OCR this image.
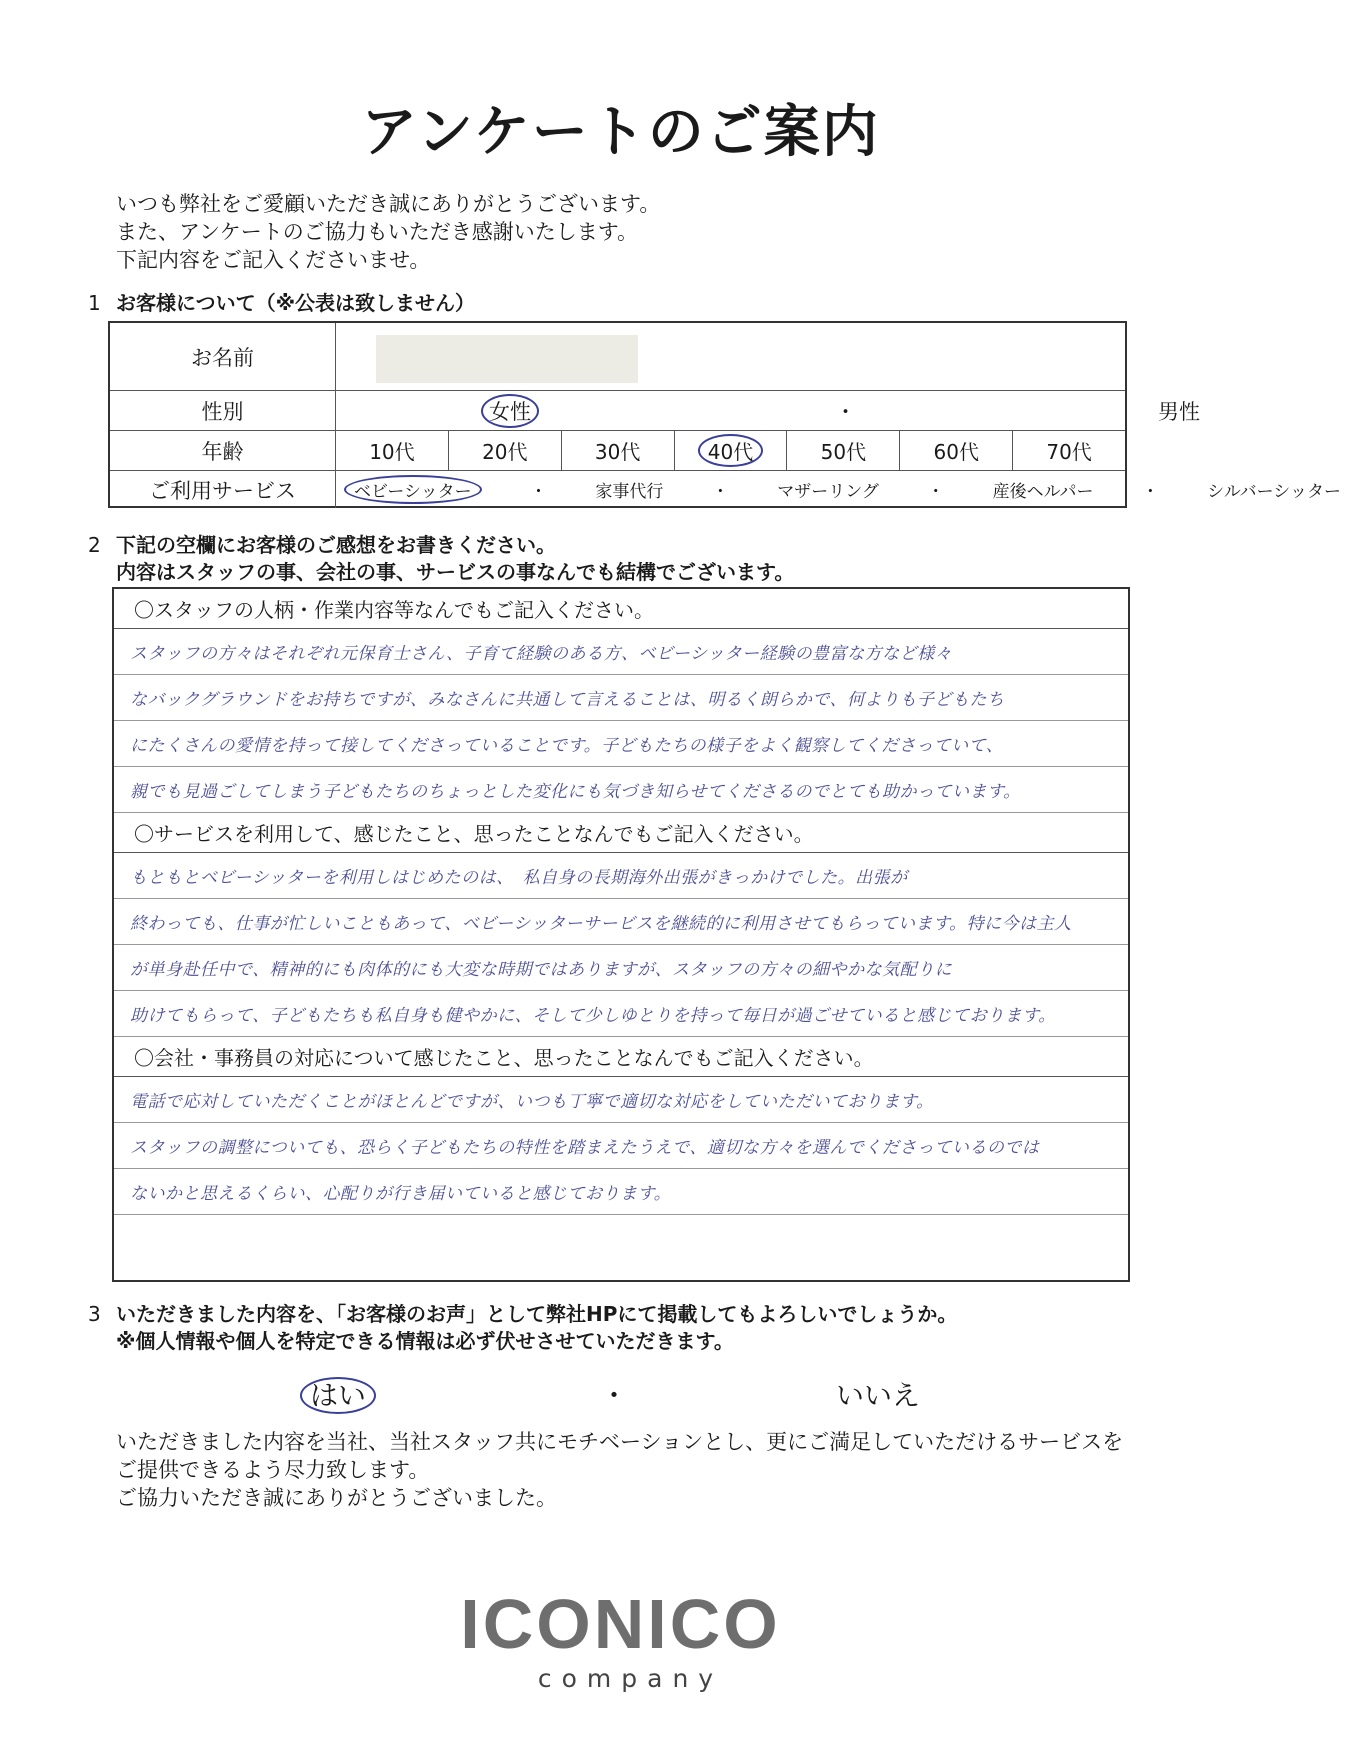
アンケートのご案内
いつも弊社をご愛顧いただき誠にありがとうございます。
また、アンケートのご協力もいただき感謝いたします。
下記内容をご記入くださいませ。
1 お客様について（※公表は致しません）
お名前
性別	女性	・	男性
年齢	10代	20代	30代	40代	50代	60代	70代
ご利用サービス	ベビーシッター	・	家事代行	・	マザーリング	・	産後ヘルパー	・	シルバーシッター
2 下記の空欄にお客様のご感想をお書きください。
内容はスタッフの事、会社の事、サービスの事なんでも結構でございます。
〇スタッフの人柄・作業内容等なんでもご記入ください。
スタッフの方々はそれぞれ元保育士さん、子育て経験のある方、ベビーシッター経験の豊富な方など様々
なバックグラウンドをお持ちですが、みなさんに共通して言えることは、明るく朗らかで、何よりも子どもたち
にたくさんの愛情を持って接してくださっていることです。子どもたちの様子をよく観察してくださっていて、
親でも見過ごしてしまう子どもたちのちょっとした変化にも気づき知らせてくださるのでとても助かっています。
〇サービスを利用して、感じたこと、思ったことなんでもご記入ください。
もともとベビーシッターを利用しはじめたのは、　私自身の長期海外出張がきっかけでした。出張が
終わっても、仕事が忙しいこともあって、ベビーシッターサービスを継続的に利用させてもらっています。特に今は主人
が単身赴任中で、精神的にも肉体的にも大変な時期ではありますが、スタッフの方々の細やかな気配りに
助けてもらって、子どもたちも私自身も健やかに、そして少しゆとりを持って毎日が過ごせていると感じております。
〇会社・事務員の対応について感じたこと、思ったことなんでもご記入ください。
電話で応対していただくことがほとんどですが、いつも丁寧で適切な対応をしていただいております。
スタッフの調整についても、恐らく子どもたちの特性を踏まえたうえで、適切な方々を選んでくださっているのでは
ないかと思えるくらい、心配りが行き届いていると感じております。
3 いただきました内容を、「お客様のお声」として弊社HPにて掲載してもよろしいでしょうか。
※個人情報や個人を特定できる情報は必ず伏せさせていただきます。
はい	・	いいえ
いただきました内容を当社、当社スタッフ共にモチベーションとし、更にご満足していただけるサービスを
ご提供できるよう尽力致します。
ご協力いただき誠にありがとうございました。
ICONICO
company
